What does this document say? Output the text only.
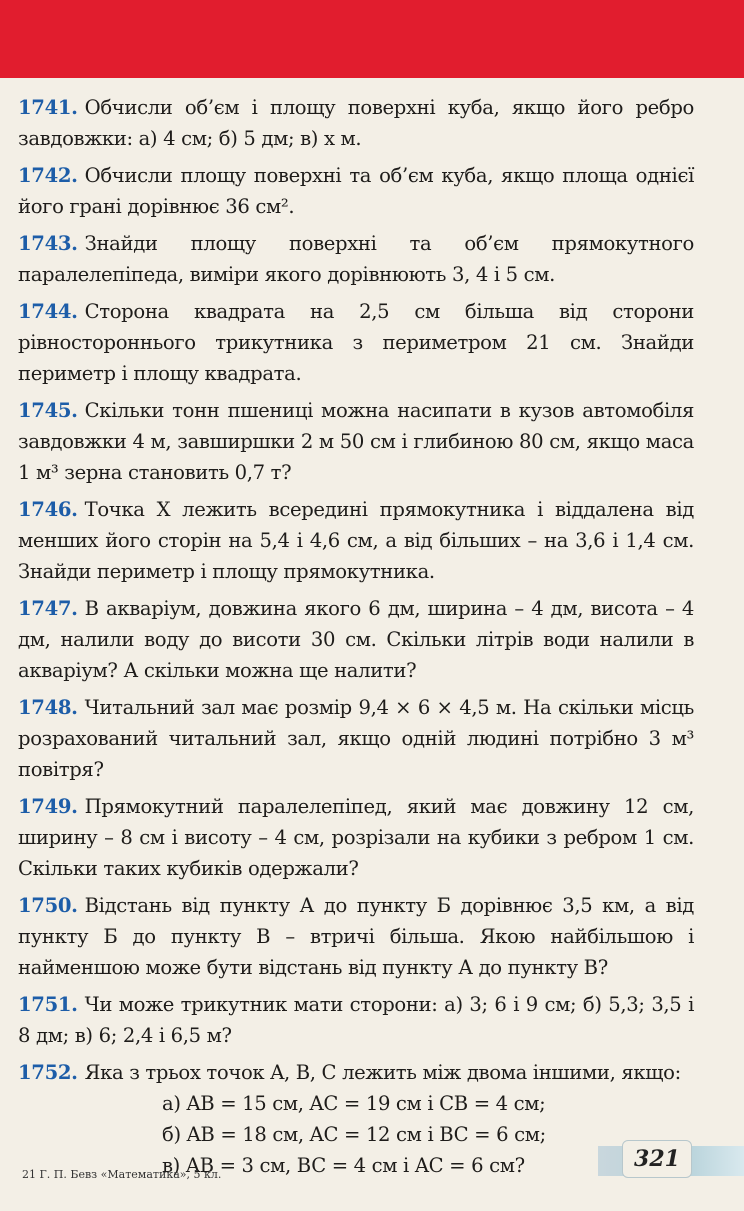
1741. Обчисли об’єм і площу поверхні куба, якщо його ребро завдовжки: а) 4 см; б) 5 дм; в) x м.

1742. Обчисли площу поверхні та об’єм куба, якщо площа однієї його грані дорівнює 36 см².

1743. Знайди площу поверхні та об’єм прямокутного паралелепіпеда, виміри якого дорівнюють 3, 4 і 5 см.

1744. Сторона квадрата на 2,5 см більша від сторони рівностороннього трикутника з периметром 21 см. Знайди периметр і площу квадрата.

1745. Скільки тонн пшениці можна насипати в кузов автомобіля завдовжки 4 м, завширшки 2 м 50 см і глибиною 80 см, якщо маса 1 м³ зерна становить 0,7 т?

1746. Точка X лежить всередині прямокутника і віддалена від менших його сторін на 5,4 і 4,6 см, а від більших – на 3,6 і 1,4 см. Знайди периметр і площу прямокутника.

1747. В акваріум, довжина якого 6 дм, ширина – 4 дм, висота – 4 дм, налили воду до висоти 30 см. Скільки літрів води налили в акваріум? А скільки можна ще налити?

1748. Читальний зал має розмір 9,4 × 6 × 4,5 м. На скільки місць розрахований читальний зал, якщо одній людині потрібно 3 м³ повітря?

1749. Прямокутний паралелепіпед, який має довжину 12 см, ширину – 8 см і висоту – 4 см, розрізали на кубики з ребром 1 см. Скільки таких кубиків одержали?

1750. Відстань від пункту А до пункту Б дорівнює 3,5 км, а від пункту Б до пункту В – втричі більша. Якою найбільшою і найменшою може бути відстань від пункту А до пункту В?

1751. Чи може трикутник мати сторони: а) 3; 6 і 9 см; б) 5,3; 3,5 і 8 дм; в) 6; 2,4 і 6,5 м?

1752. Яка з трьох точок A, B, C лежить між двома іншими, якщо:
а) AB = 15 см, AC = 19 см і CB = 4 см;
б) AB = 18 см, AC = 12 см і BC = 6 см;
в) AB = 3 см, BC = 4 см і AC = 6 см?
21 Г. П. Бевз «Математика», 5 кл.
321
